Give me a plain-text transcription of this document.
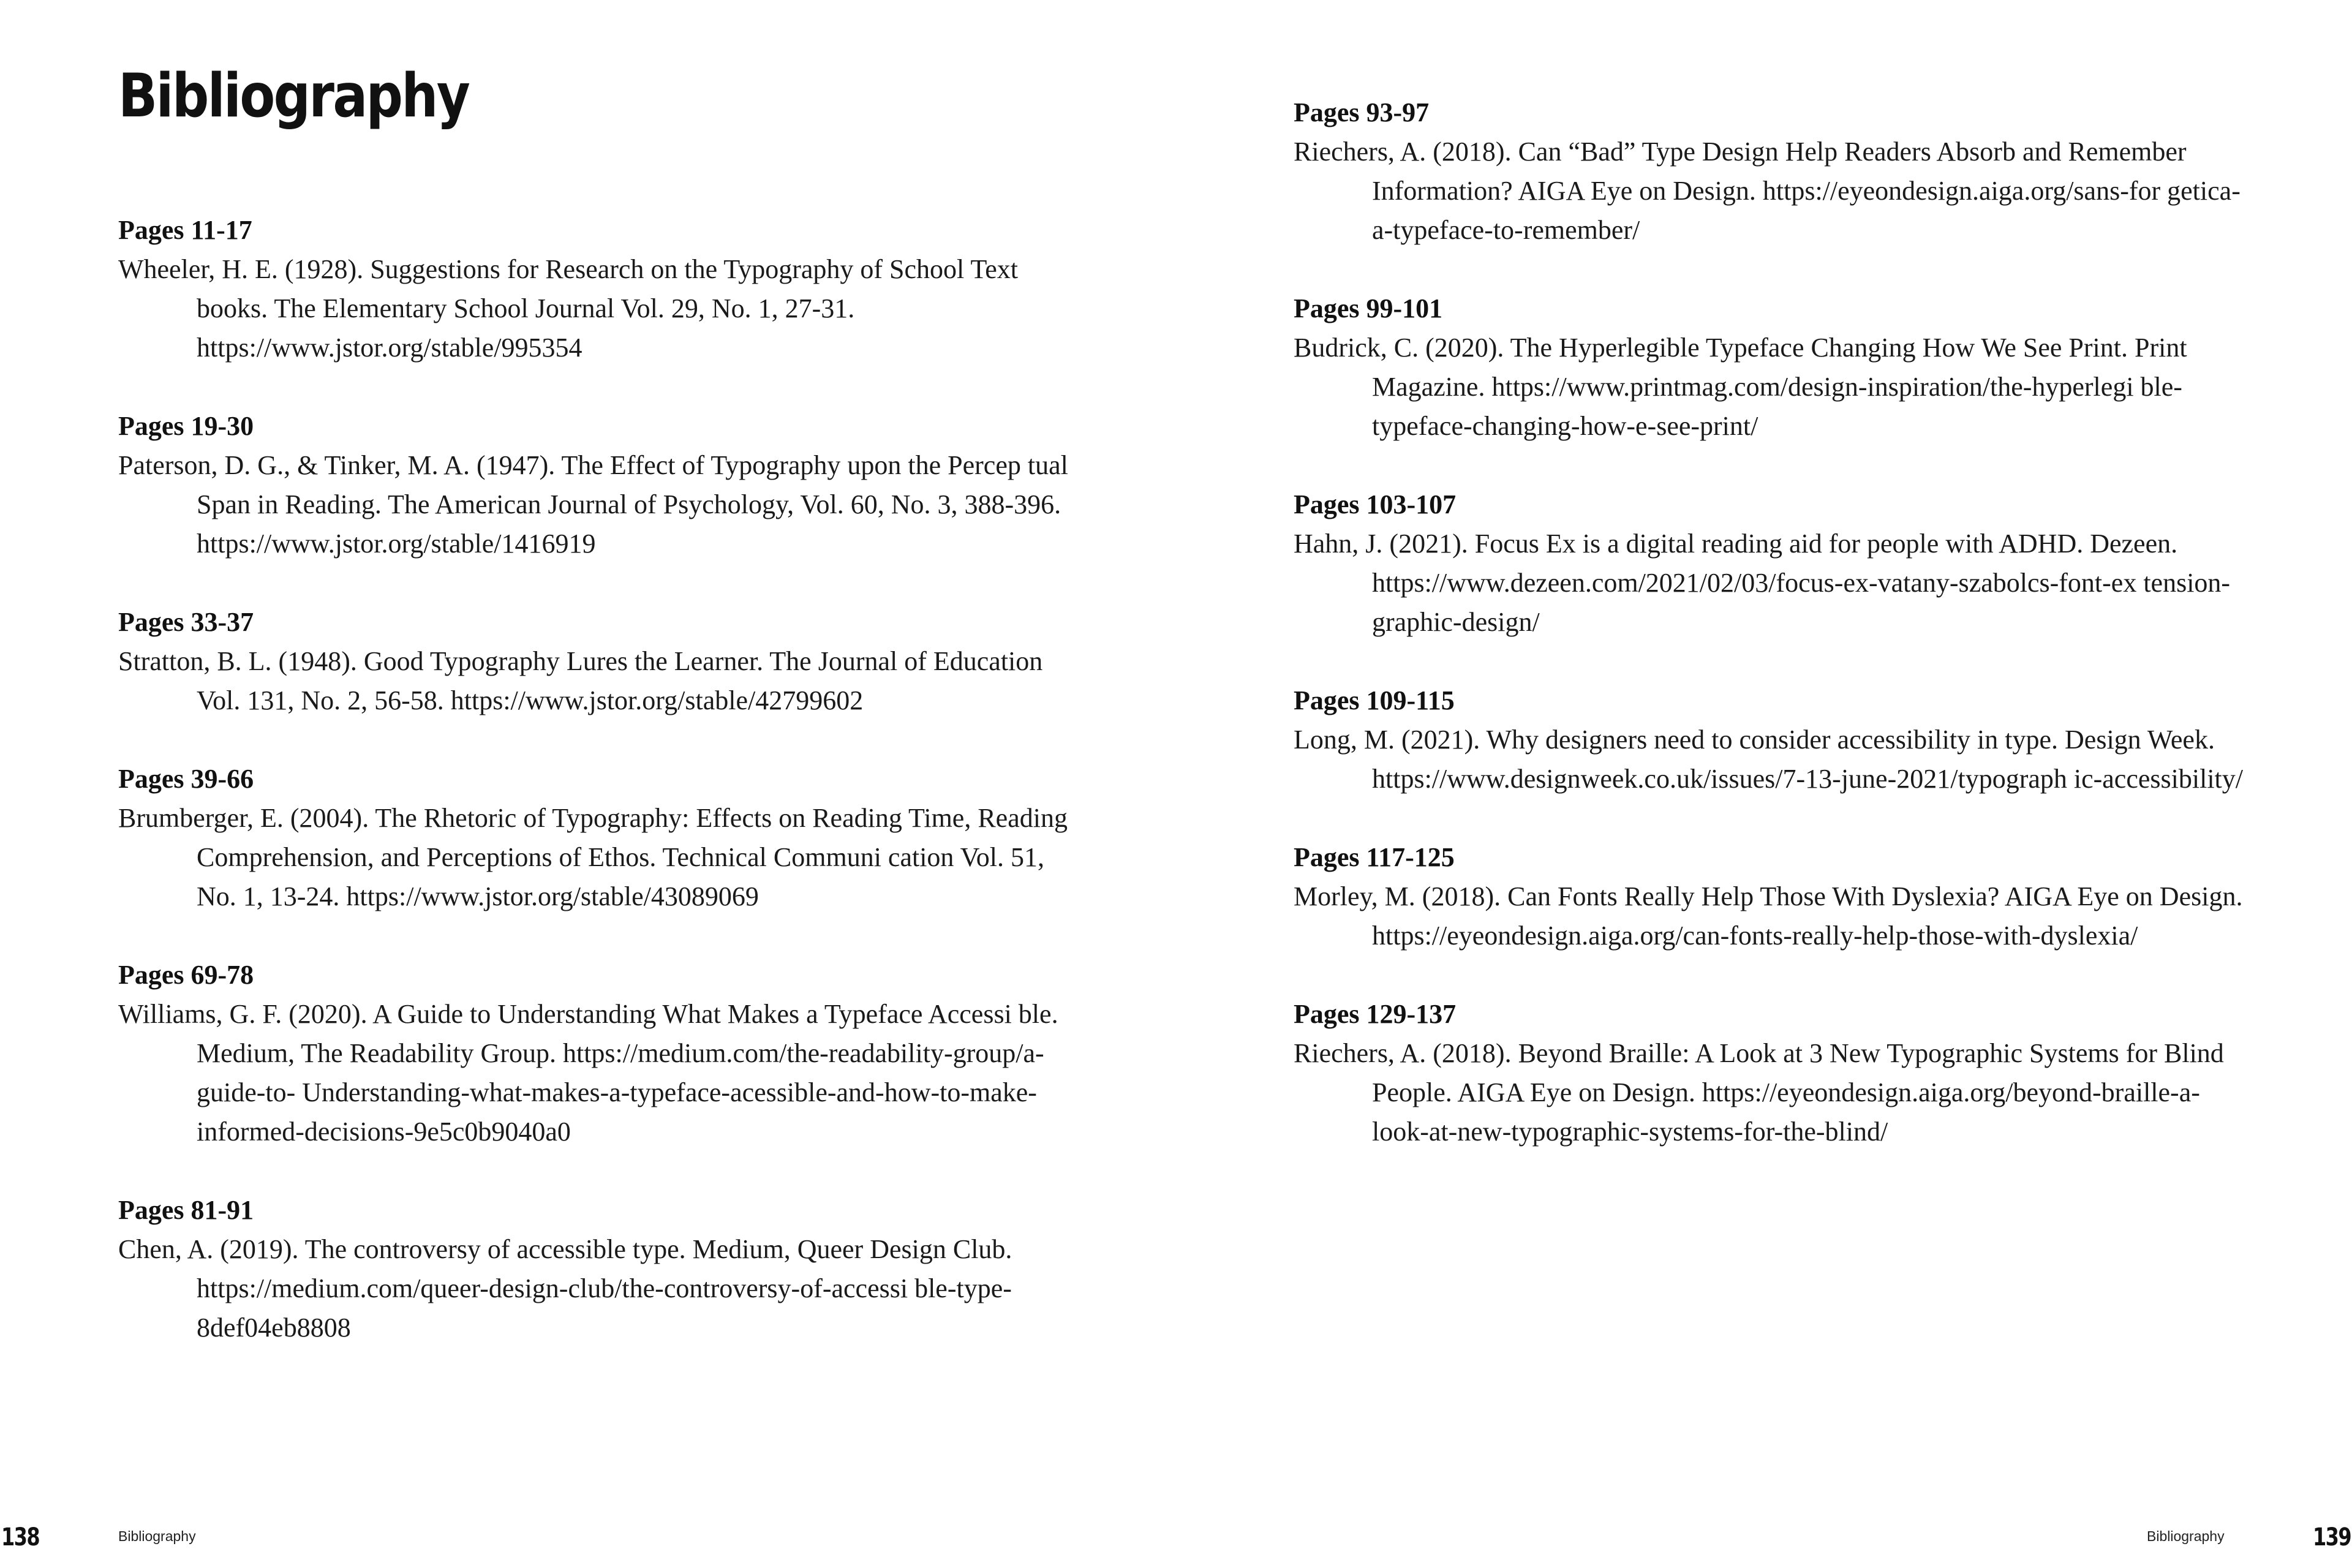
Bibliography
Pages 11-17
Wheeler, H. E. (1928). Suggestions for Research on the Typography of School Text books. The Elementary School Journal Vol. 29, No. 1, 27-31. https://www.jstor.org/stable/995354
Pages 19-30
Paterson, D. G., & Tinker, M. A. (1947). The Effect of Typography upon the Percep tual Span in Reading. The American Journal of Psychology, Vol. 60, No. 3, 388-396. https://www.jstor.org/stable/1416919
Pages 33-37
Stratton, B. L. (1948). Good Typography Lures the Learner. The Journal of Education Vol. 131, No. 2, 56-58. https://www.jstor.org/stable/42799602
Pages 39-66
Brumberger, E. (2004). The Rhetoric of Typography: Effects on Reading Time, Reading Comprehension, and Perceptions of Ethos. Technical Communi cation Vol. 51, No. 1, 13-24. https://www.jstor.org/stable/43089069
Pages 69-78
Williams, G. F. (2020). A Guide to Understanding What Makes a Typeface Accessi ble. Medium, The Readability Group. https://medium.com/the-readability-group/a-guide-to- Understanding-what-makes-a-typeface-acessible-and-how-to-make-informed-decisions-9e5c0b9040a0
Pages 81-91
Chen, A. (2019). The controversy of accessible type. Medium, Queer Design Club. https://medium.com/queer-design-club/the-controversy-of-accessi ble-type-8def04eb8808
138	Bibliography
Pages 93-97
Riechers, A. (2018). Can “Bad” Type Design Help Readers Absorb and Remember Information? AIGA Eye on Design. https://eyeondesign.aiga.org/sans-for getica-a-typeface-to-remember/
Pages 99-101
Budrick, C. (2020). The Hyperlegible Typeface Changing How We See Print. Print Magazine. https://www.printmag.com/design-inspiration/the-hyperlegi ble-typeface-changing-how-e-see-print/
Pages 103-107
Hahn, J. (2021). Focus Ex is a digital reading aid for people with ADHD. Dezeen. https://www.dezeen.com/2021/02/03/focus-ex-vatany-szabolcs-font-ex tension-graphic-design/
Pages 109-115
Long, M. (2021). Why designers need to consider accessibility in type. Design Week. https://www.designweek.co.uk/issues/7-13-june-2021/typograph ic-accessibility/
Pages 117-125
Morley, M. (2018). Can Fonts Really Help Those With Dyslexia? AIGA Eye on Design. https://eyeondesign.aiga.org/can-fonts-really-help-those-with-dyslexia/
Pages 129-137
Riechers, A. (2018). Beyond Braille: A Look at 3 New Typographic Systems for Blind People. AIGA Eye on Design. https://eyeondesign.aiga.org/beyond-braille-a-look-at-new-typographic-systems-for-the-blind/
Bibliography	139
